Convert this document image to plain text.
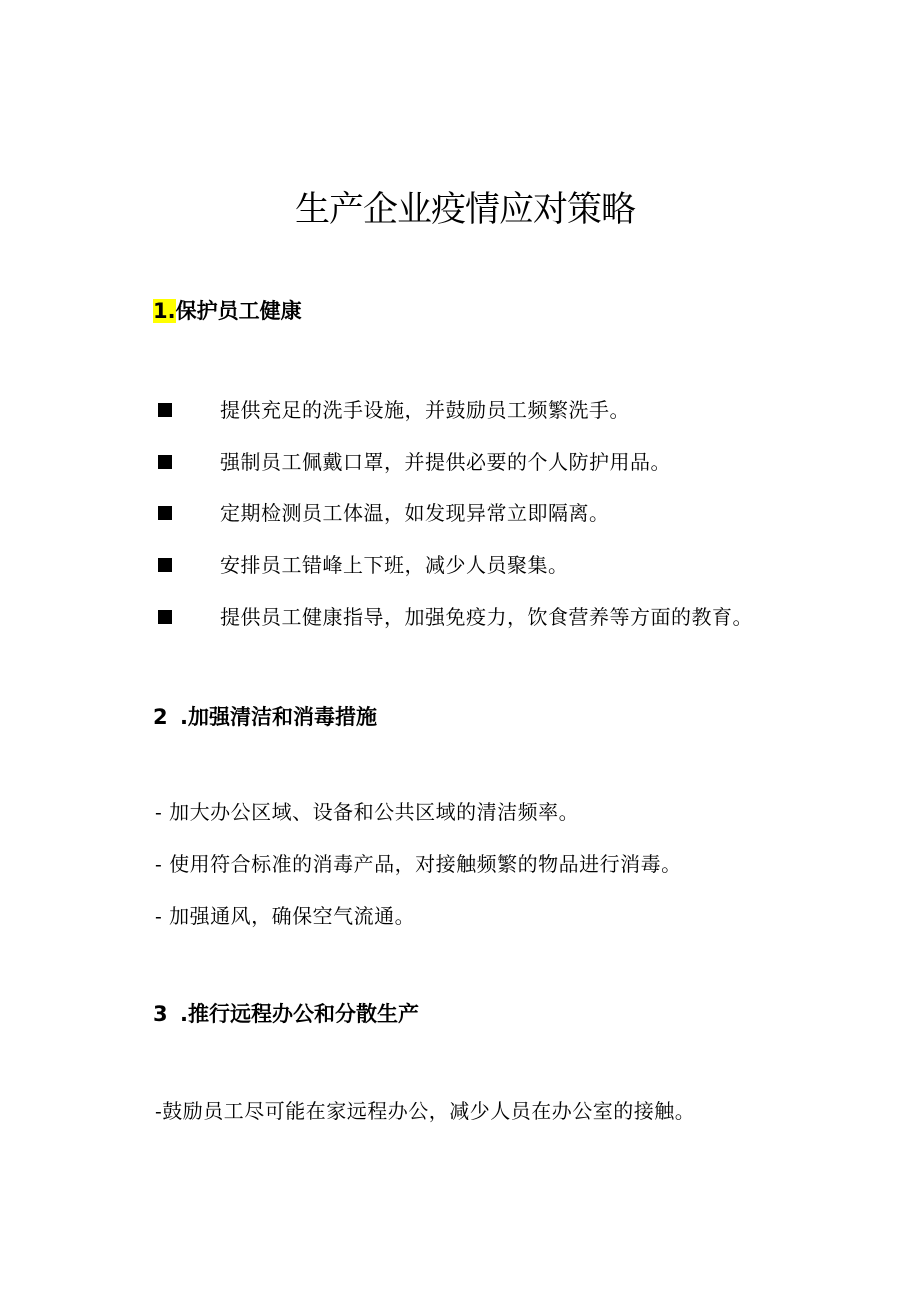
生产企业疫情应对策略
1.保护员工健康
提供充足的洗手设施，并鼓励员工频繁洗手。
强制员工佩戴口罩，并提供必要的个人防护用品。
定期检测员工体温，如发现异常立即隔离。
安排员工错峰上下班，减少人员聚集。
提供员工健康指导，加强免疫力，饮食营养等方面的教育。
2 .加强清洁和消毒措施
- 加大办公区域、设备和公共区域的清洁频率。
- 使用符合标准的消毒产品，对接触频繁的物品进行消毒。
- 加强通风，确保空气流通。
3 .推行远程办公和分散生产
-鼓励员工尽可能在家远程办公，减少人员在办公室的接触。
